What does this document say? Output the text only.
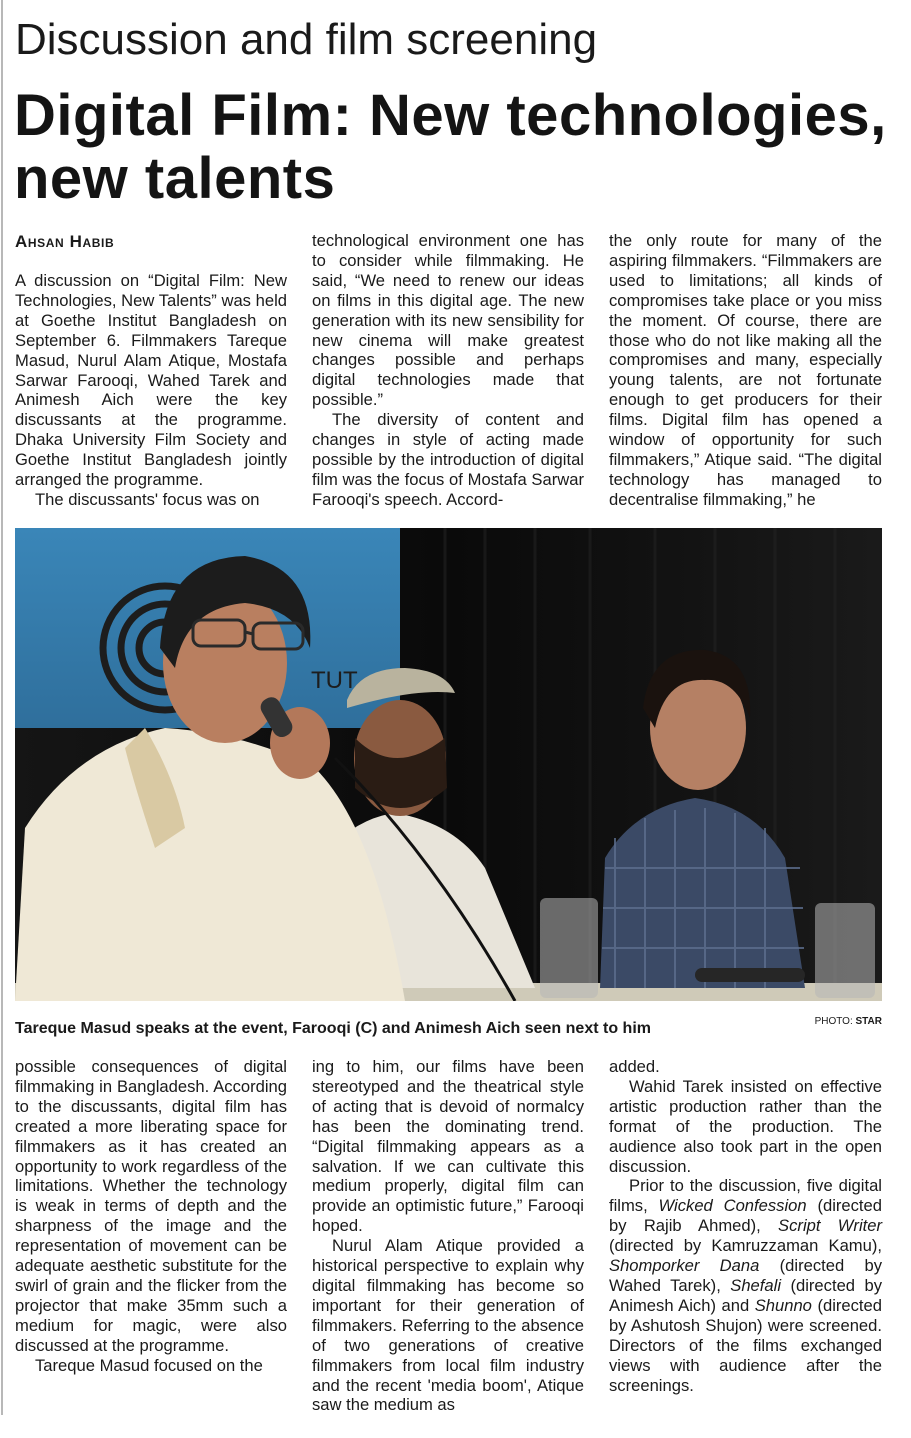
Discussion and film screening
Digital Film: New technologies, new talents
Ahsan Habib

A discussion on “Digital Film: New Technologies, New Talents” was held at Goethe Institut Bangladesh on September 6. Filmmakers Tareque Masud, Nurul Alam Atique, Mostafa Sarwar Farooqi, Wahed Tarek and Animesh Aich were the key discussants at the programme. Dhaka University Film Society and Goethe Institut Bangladesh jointly arranged the programme.

The discussants' focus was on

technological environment one has to consider while filmmaking. He said, “We need to renew our ideas on films in this digital age. The new generation with its new sensibility for new cinema will make greatest changes possible and perhaps digital technologies made that possible.”

The diversity of content and changes in style of acting made possible by the introduction of digital film was the focus of Mostafa Sarwar Farooqi's speech. Accord-

the only route for many of the aspiring filmmakers. “Filmmakers are used to limitations; all kinds of compromises take place or you miss the moment. Of course, there are those who do not like making all the compromises and many, especially young talents, are not fortunate enough to get producers for their films. Digital film has opened a window of opportunity for such filmmakers,” Atique said. “The digital technology has managed to decentralise filmmaking,” he

TUT
Tareque Masud speaks at the event, Farooqi (C) and Animesh Aich seen next to him	PHOTO: STAR

possible consequences of digital filmmaking in Bangladesh. According to the discussants, digital film has created a more liberating space for filmmakers as it has created an opportunity to work regardless of the limitations. Whether the technology is weak in terms of depth and the sharpness of the image and the representation of movement can be adequate aesthetic substitute for the swirl of grain and the flicker from the projector that make 35mm such a medium for magic, were also discussed at the programme.

Tareque Masud focused on the

ing to him, our films have been stereotyped and the theatrical style of acting that is devoid of normalcy has been the dominating trend. “Digital filmmaking appears as a salvation. If we can cultivate this medium properly, digital film can provide an optimistic future,” Farooqi hoped.

Nurul Alam Atique provided a historical perspective to explain why digital filmmaking has become so important for their generation of filmmakers. Referring to the absence of two generations of creative filmmakers from local film industry and the recent 'media boom', Atique saw the medium as

added.

Wahid Tarek insisted on effective artistic production rather than the format of the production. The audience also took part in the open discussion.

Prior to the discussion, five digital films, Wicked Confession (directed by Rajib Ahmed), Script Writer (directed by Kamruzzaman Kamu), Shomporker Dana (directed by Wahed Tarek), Shefali (directed by Animesh Aich) and Shunno (directed by Ashutosh Shujon) were screened. Directors of the films exchanged views with audience after the screenings.
